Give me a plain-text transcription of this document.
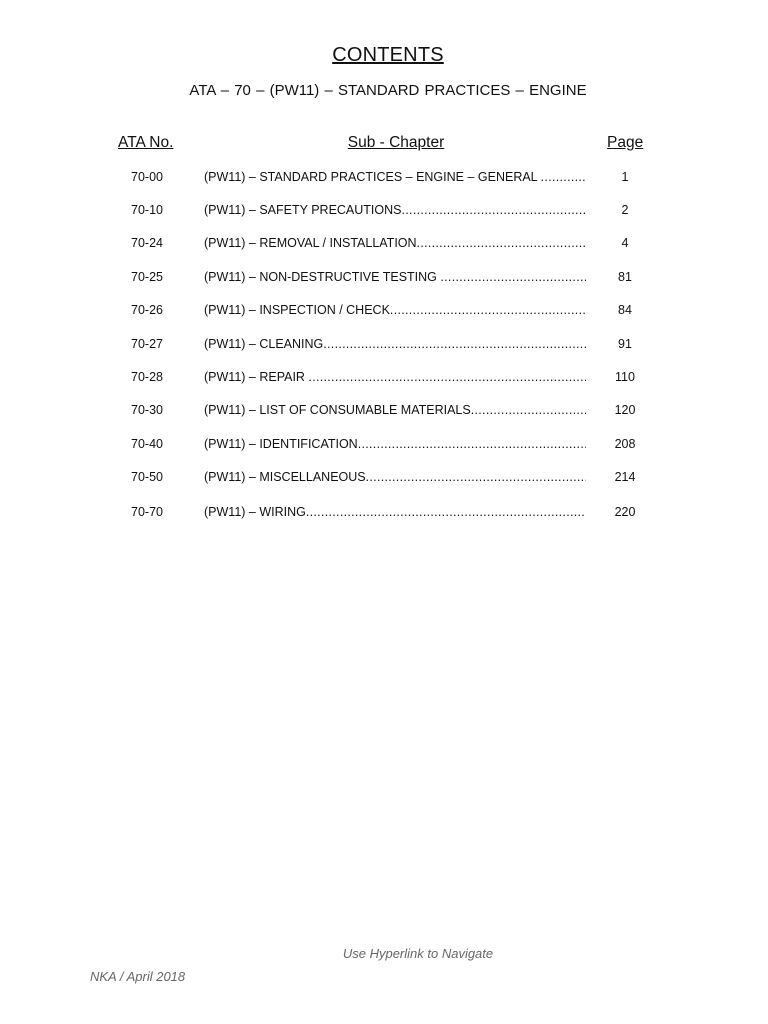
CONTENTS
ATA – 70 – (PW11) – STANDARD PRACTICES – ENGINE
ATA No.	Sub - Chapter	Page
70-00	(PW11) – STANDARD PRACTICES – ENGINE – GENERAL .....	1
70-10	(PW11) – SAFETY PRECAUTIONS .....	2
70-24	(PW11) – REMOVAL / INSTALLATION .....	4
70-25	(PW11) – NON-DESTRUCTIVE TESTING .....	81
70-26	(PW11) – INSPECTION / CHECK .....	84
70-27	(PW11) – CLEANING .....	91
70-28	(PW11) – REPAIR .....	110
70-30	(PW11) – LIST OF CONSUMABLE MATERIALS .....	120
70-40	(PW11) – IDENTIFICATION .....	208
70-50	(PW11) – MISCELLANEOUS .....	214
70-70	(PW11) – WIRING .....	220
Use Hyperlink to Navigate
NKA / April 2018
